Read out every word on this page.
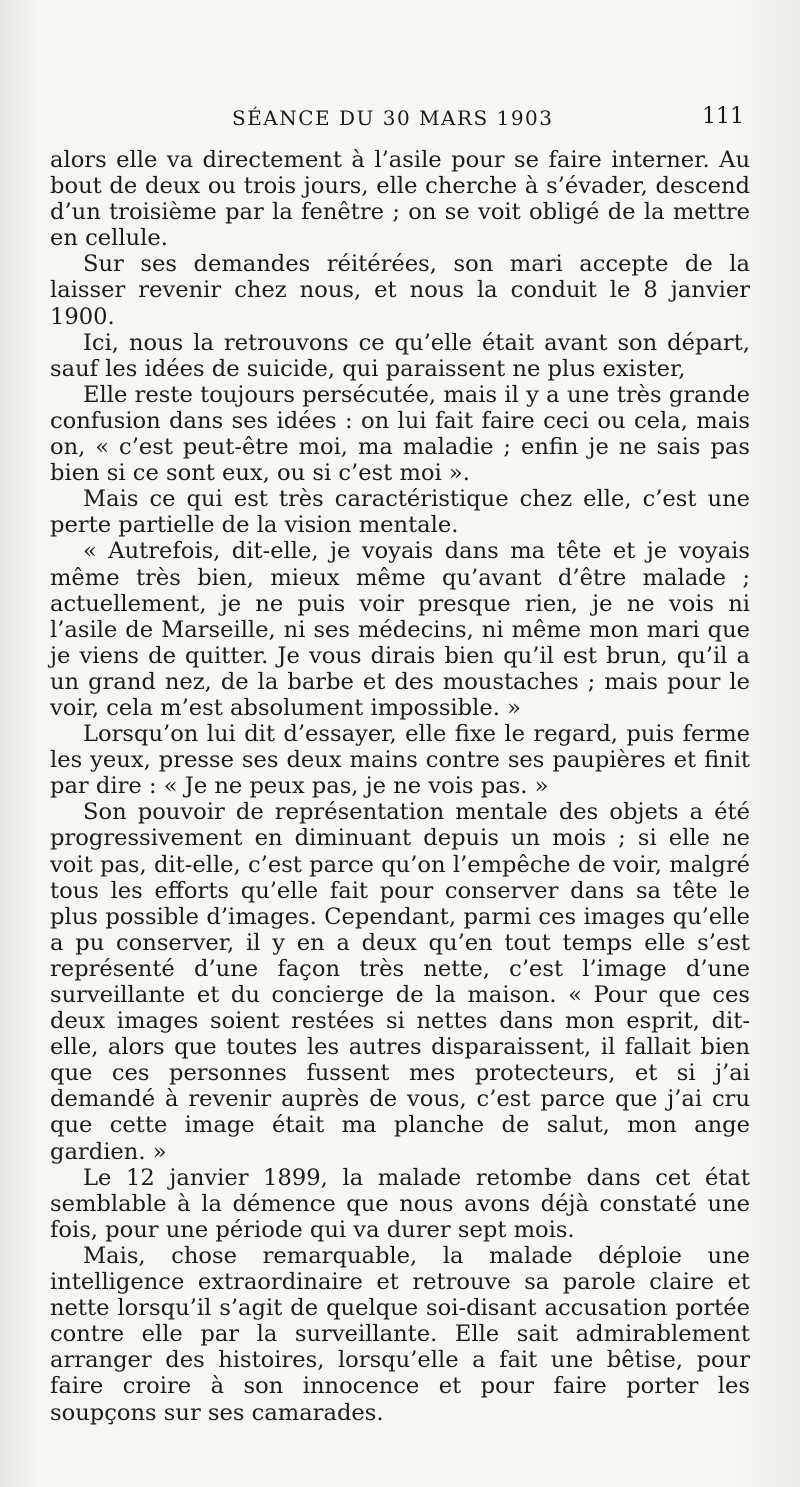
SÉANCE DU 30 MARS 1903	111

alors elle va directement à l’asile pour se faire interner. Au bout de deux ou trois jours, elle cherche à s’évader, descend d’un troisième par la fenêtre ; on se voit obligé de la mettre en cellule.

Sur ses demandes réitérées, son mari accepte de la laisser revenir chez nous, et nous la conduit le 8 janvier 1900.

Ici, nous la retrouvons ce qu’elle était avant son départ, sauf les idées de suicide, qui paraissent ne plus exister,

Elle reste toujours persécutée, mais il y a une très grande confusion dans ses idées : on lui fait faire ceci ou cela, mais on, « c’est peut-être moi, ma maladie ; enfin je ne sais pas bien si ce sont eux, ou si c’est moi ».

Mais ce qui est très caractéristique chez elle, c’est une perte partielle de la vision mentale.

« Autrefois, dit-elle, je voyais dans ma tête et je voyais même très bien, mieux même qu’avant d’être malade ; actuellement, je ne puis voir presque rien, je ne vois ni l’asile de Marseille, ni ses médecins, ni même mon mari que je viens de quitter. Je vous dirais bien qu’il est brun, qu’il a un grand nez, de la barbe et des moustaches ; mais pour le voir, cela m’est absolument impossible. »

Lorsqu’on lui dit d’essayer, elle fixe le regard, puis ferme les yeux, presse ses deux mains contre ses paupières et finit par dire : « Je ne peux pas, je ne vois pas. »

Son pouvoir de représentation mentale des objets a été progressivement en diminuant depuis un mois ; si elle ne voit pas, dit-elle, c’est parce qu’on l’empêche de voir, malgré tous les efforts qu’elle fait pour conserver dans sa tête le plus possible d’images. Cependant, parmi ces images qu’elle a pu conserver, il y en a deux qu’en tout temps elle s’est représenté d’une façon très nette, c’est l’image d’une surveillante et du concierge de la maison. « Pour que ces deux images soient restées si nettes dans mon esprit, dit-elle, alors que toutes les autres disparaissent, il fallait bien que ces personnes fussent mes protecteurs, et si j’ai demandé à revenir auprès de vous, c’est parce que j’ai cru que cette image était ma planche de salut, mon ange gardien. »

Le 12 janvier 1899, la malade retombe dans cet état semblable à la démence que nous avons déjà constaté une fois, pour une période qui va durer sept mois.

Mais, chose remarquable, la malade déploie une intelligence extraordinaire et retrouve sa parole claire et nette lorsqu’il s’agit de quelque soi-disant accusation portée contre elle par la surveillante. Elle sait admirablement arranger des histoires, lorsqu’elle a fait une bêtise, pour faire croire à son innocence et pour faire porter les soupçons sur ses camarades.
